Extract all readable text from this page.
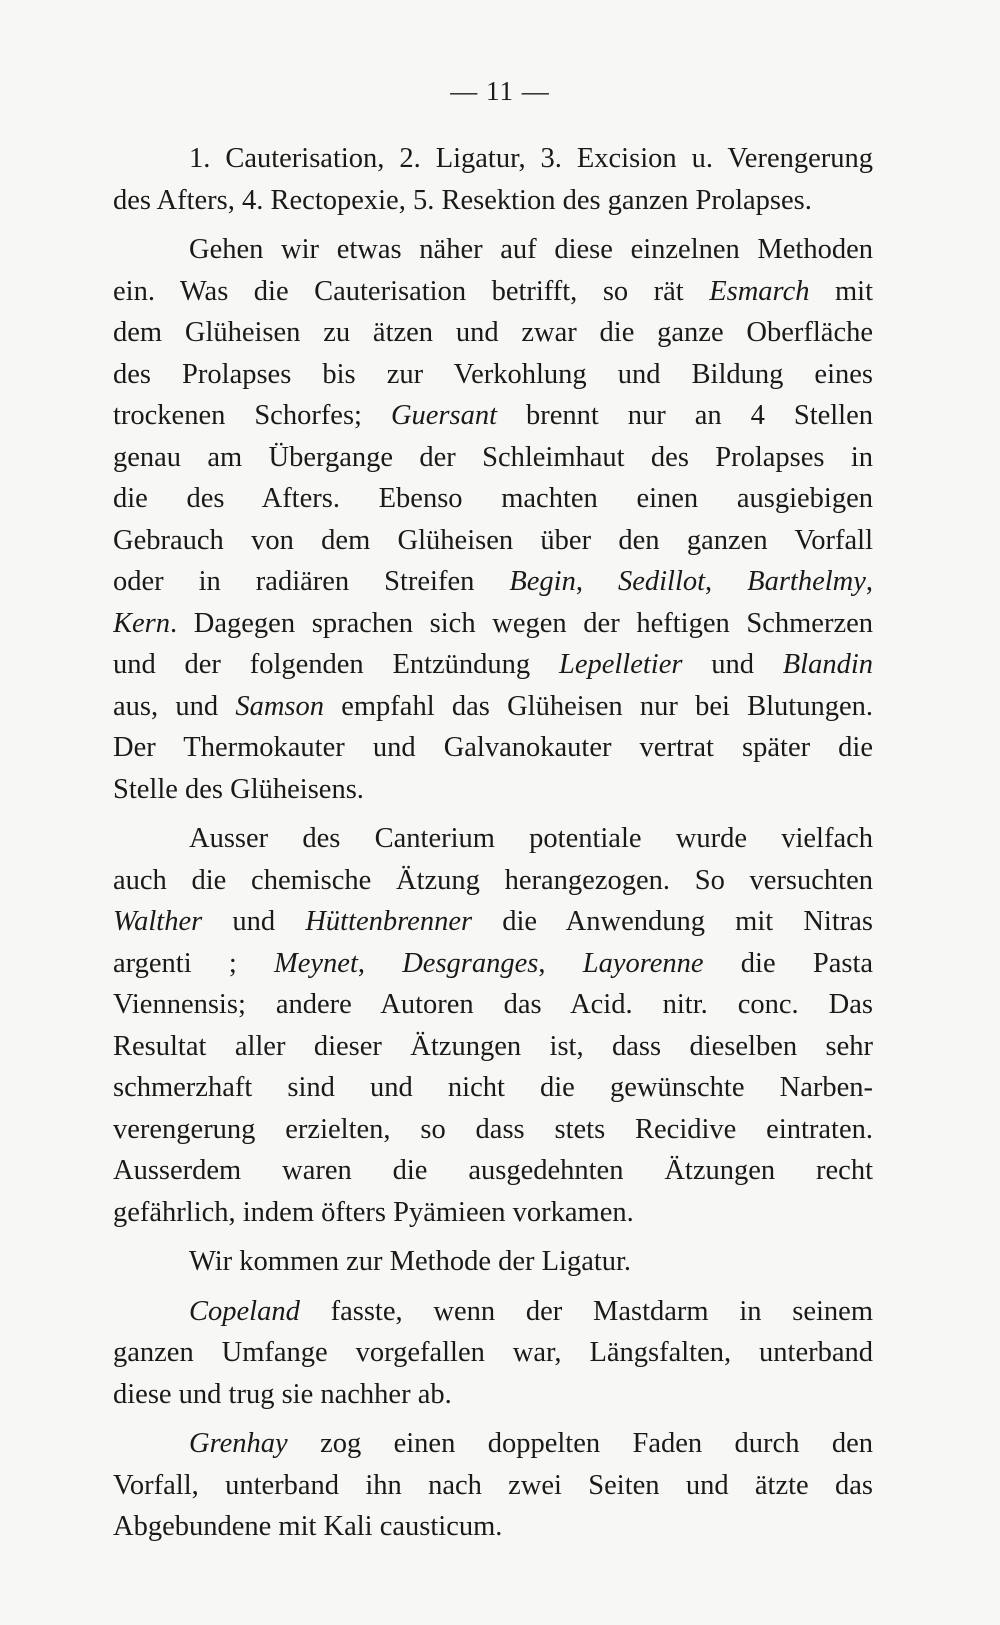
— 11 —
1. Cauterisation, 2. Ligatur, 3. Excision u. Verengerung
des Afters, 4. Rectopexie, 5. Resektion des ganzen Prolapses.
Gehen wir etwas näher auf diese einzelnen Methoden
ein. Was die Cauterisation betrifft, so rät Esmarch mit
dem Glüheisen zu ätzen und zwar die ganze Oberfläche
des Prolapses bis zur Verkohlung und Bildung eines
trockenen Schorfes; Guersant brennt nur an 4 Stellen
genau am Übergange der Schleimhaut des Prolapses in
die des Afters. Ebenso machten einen ausgiebigen
Gebrauch von dem Glüheisen über den ganzen Vorfall
oder in radiären Streifen Begin, Sedillot, Barthelmy,
Kern. Dagegen sprachen sich wegen der heftigen Schmerzen
und der folgenden Entzündung Lepelletier und Blandin
aus, und Samson empfahl das Glüheisen nur bei Blutungen.
Der Thermokauter und Galvanokauter vertrat später die
Stelle des Glüheisens.
Ausser des Canterium potentiale wurde vielfach
auch die chemische Ätzung herangezogen. So versuchten
Walther und Hüttenbrenner die Anwendung mit Nitras
argenti ; Meynet, Desgranges, Layorenne die Pasta
Viennensis; andere Autoren das Acid. nitr. conc. Das
Resultat aller dieser Ätzungen ist, dass dieselben sehr
schmerzhaft sind und nicht die gewünschte Narben-
verengerung erzielten, so dass stets Recidive eintraten.
Ausserdem waren die ausgedehnten Ätzungen recht
gefährlich, indem öfters Pyämieen vorkamen.
Wir kommen zur Methode der Ligatur.
Copeland fasste, wenn der Mastdarm in seinem
ganzen Umfange vorgefallen war, Längsfalten, unterband
diese und trug sie nachher ab.
Grenhay zog einen doppelten Faden durch den
Vorfall, unterband ihn nach zwei Seiten und ätzte das
Abgebundene mit Kali causticum.
